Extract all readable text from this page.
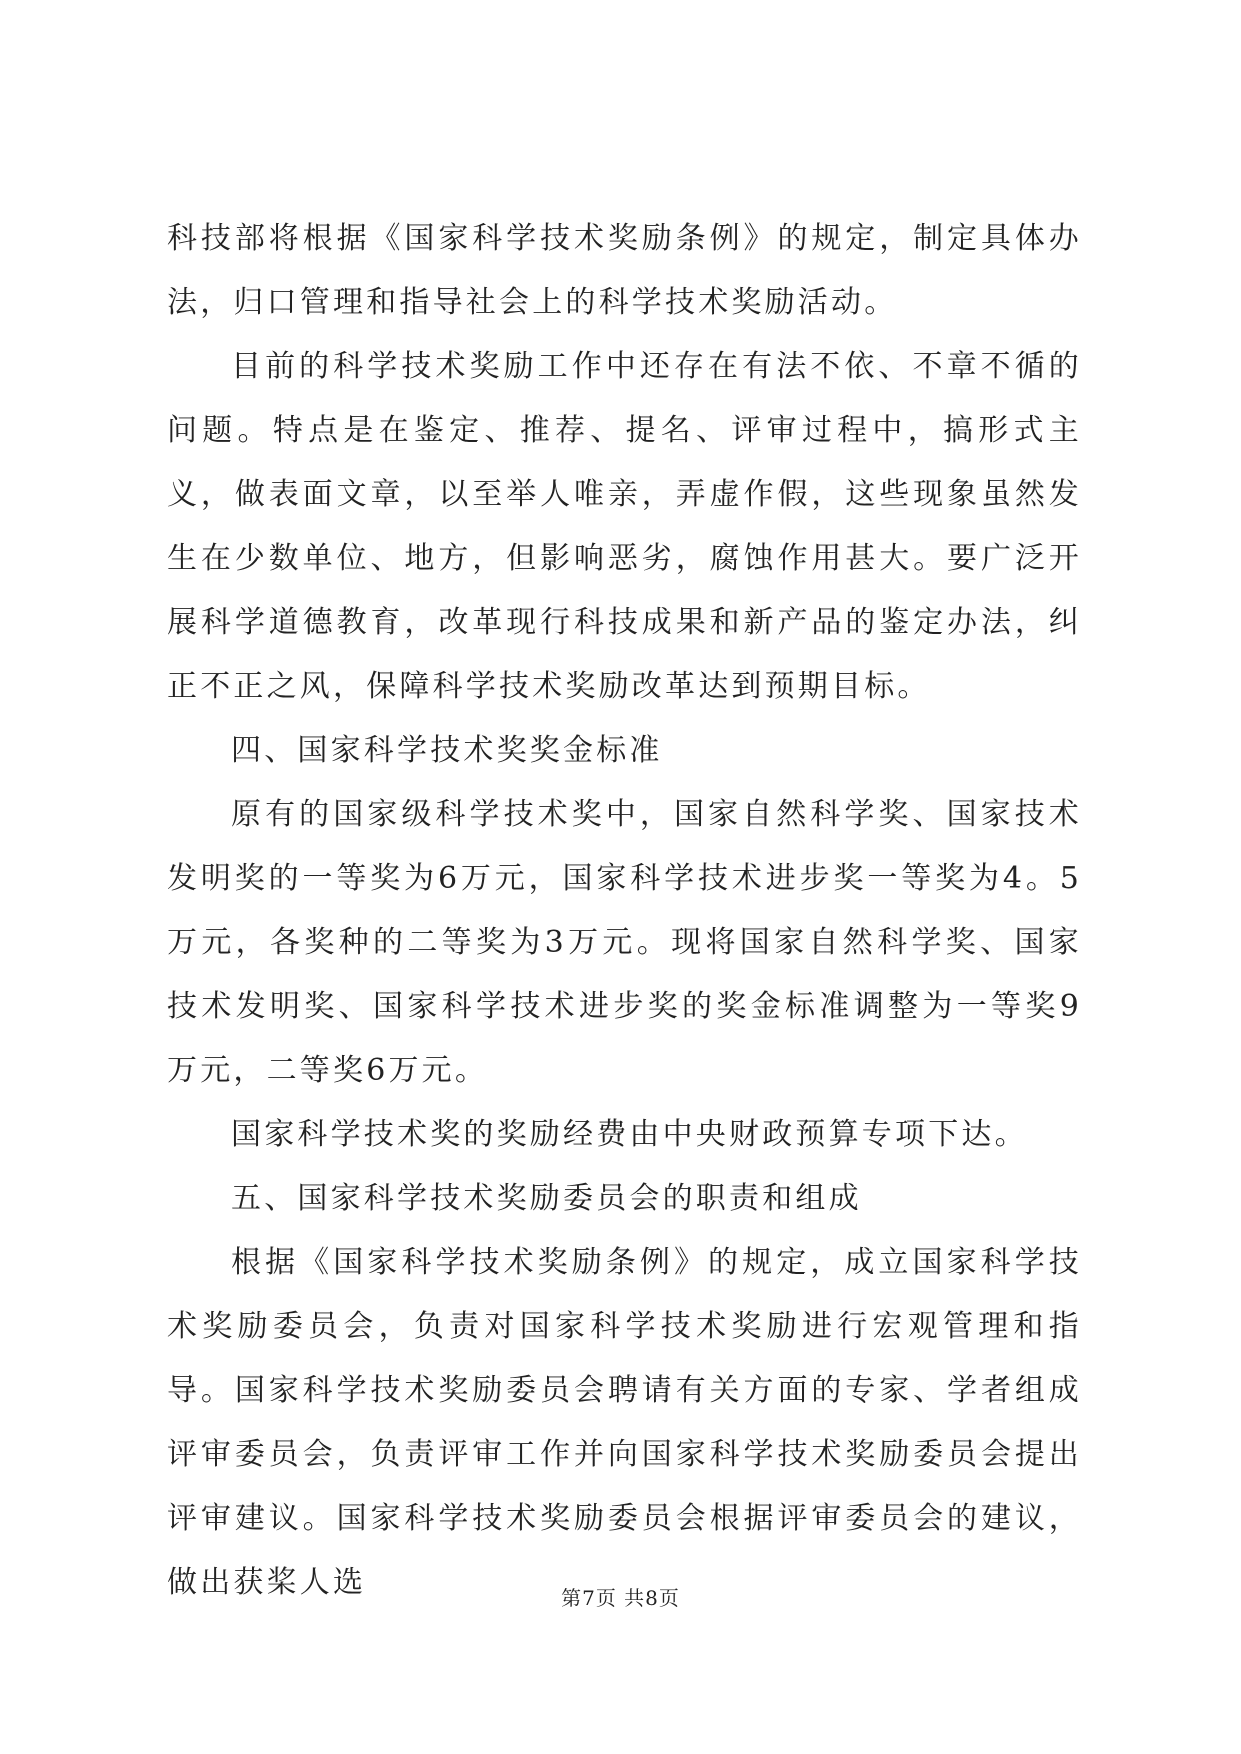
科技部将根据《国家科学技术奖励条例》的规定，制定具体办法，归口管理和指导社会上的科学技术奖励活动。

目前的科学技术奖励工作中还存在有法不依、不章不循的问题。特点是在鉴定、推荐、提名、评审过程中，搞形式主义，做表面文章，以至举人唯亲，弄虚作假，这些现象虽然发生在少数单位、地方，但影响恶劣，腐蚀作用甚大。要广泛开展科学道德教育，改革现行科技成果和新产品的鉴定办法，纠正不正之风，保障科学技术奖励改革达到预期目标。

四、国家科学技术奖奖金标准

原有的国家级科学技术奖中，国家自然科学奖、国家技术发明奖的一等奖为6万元，国家科学技术进步奖一等奖为4。5万元，各奖种的二等奖为3万元。现将国家自然科学奖、国家技术发明奖、国家科学技术进步奖的奖金标准调整为一等奖9万元，二等奖6万元。

国家科学技术奖的奖励经费由中央财政预算专项下达。

五、国家科学技术奖励委员会的职责和组成

根据《国家科学技术奖励条例》的规定，成立国家科学技术奖励委员会，负责对国家科学技术奖励进行宏观管理和指导。国家科学技术奖励委员会聘请有关方面的专家、学者组成评审委员会，负责评审工作并向国家科学技术奖励委员会提出评审建议。国家科学技术奖励委员会根据评审委员会的建议，做出获桨人选	第7页 共8页
